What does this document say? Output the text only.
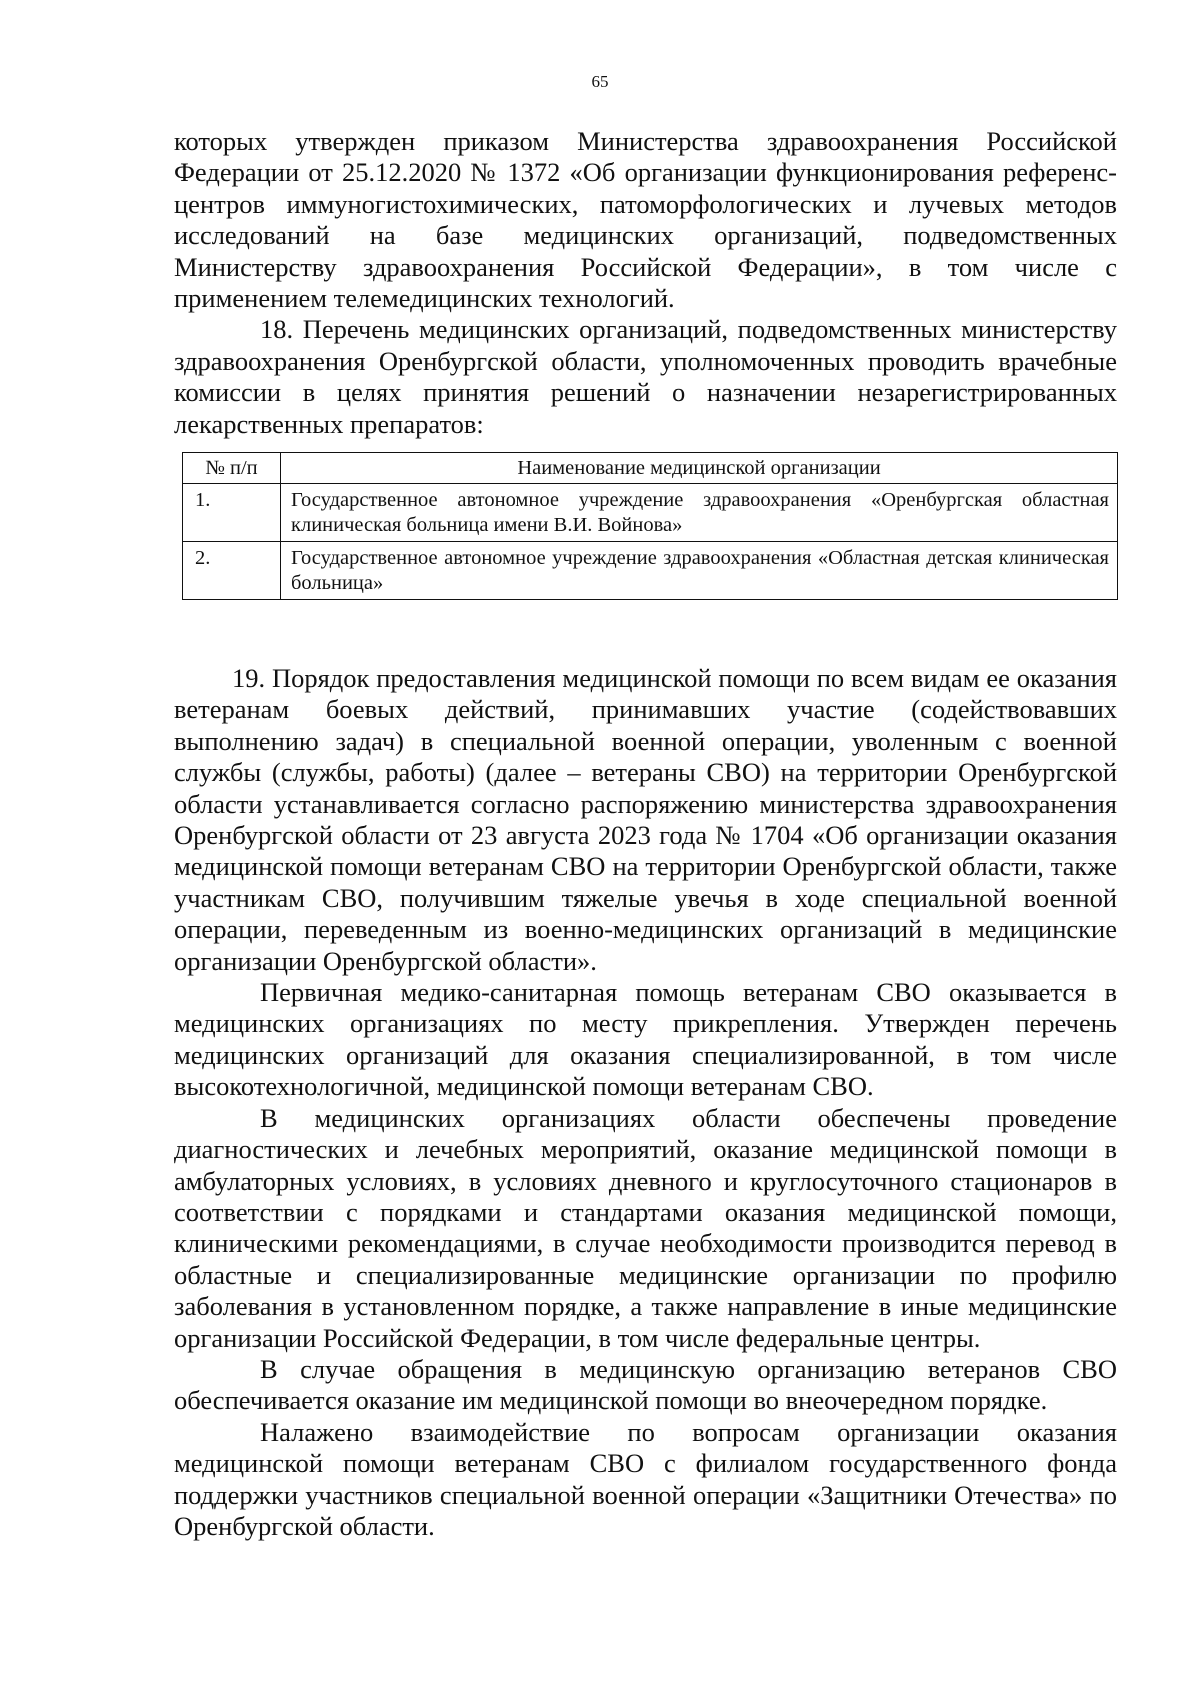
65

которых утвержден приказом Министерства здравоохранения Российской Федерации от 25.12.2020 № 1372 «Об организации функционирования референс-центров иммуногистохимических, патоморфологических и лучевых методов исследований на базе медицинских организаций, подведомственных Министерству здравоохранения Российской Федерации», в том числе с применением телемедицинских технологий.

18. Перечень медицинских организаций, подведомственных министерству здравоохранения Оренбургской области, уполномоченных проводить врачебные комиссии в целях принятия решений о назначении незарегистрированных лекарственных препаратов:

№ п/п	Наименование медицинской организации
1.	Государственное автономное учреждение здравоохранения «Оренбургская областная клиническая больница имени В.И. Войнова»
2.	Государственное автономное учреждение здравоохранения «Областная детская клиническая больница»

19. Порядок предоставления медицинской помощи по всем видам ее оказания ветеранам боевых действий, принимавших участие (содействовавших выполнению задач) в специальной военной операции, уволенным с военной службы (службы, работы) (далее – ветераны СВО) на территории Оренбургской области устанавливается согласно распоряжению министерства здравоохранения Оренбургской области от 23 августа 2023 года № 1704 «Об организации оказания медицинской помощи ветеранам СВО на территории Оренбургской области, также участникам СВО, получившим тяжелые увечья в ходе специальной военной операции, переведенным из военно-медицинских организаций в медицинские организации Оренбургской области».

Первичная медико-санитарная помощь ветеранам СВО оказывается в медицинских организациях по месту прикрепления. Утвержден перечень медицинских организаций для оказания специализированной, в том числе высокотехнологичной, медицинской помощи ветеранам СВО.

В медицинских организациях области обеспечены проведение диагностических и лечебных мероприятий, оказание медицинской помощи в амбулаторных условиях, в условиях дневного и круглосуточного стационаров в соответствии с порядками и стандартами оказания медицинской помощи, клиническими рекомендациями, в случае необходимости производится перевод в областные и специализированные медицинские организации по профилю заболевания в установленном порядке, а также направление в иные медицинские организации Российской Федерации, в том числе федеральные центры.

В случае обращения в медицинскую организацию ветеранов СВО обеспечивается оказание им медицинской помощи во внеочередном порядке.

Налажено взаимодействие по вопросам организации оказания медицинской помощи ветеранам СВО с филиалом государственного фонда поддержки участников специальной военной операции «Защитники Отечества» по Оренбургской области.
